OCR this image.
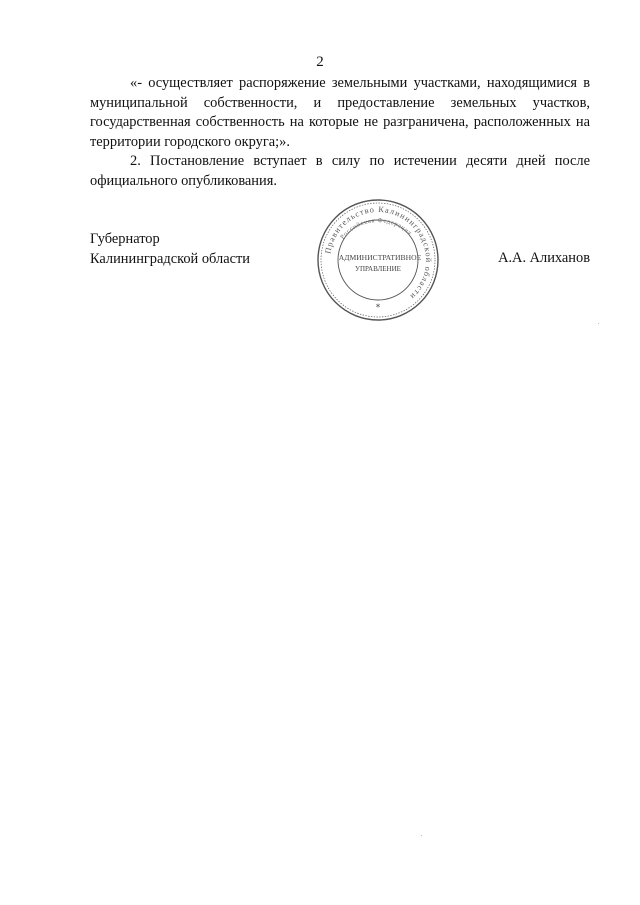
2

«- осуществляет распоряжение земельными участками, находящимися в муниципальной собственности, и предоставление земельных участков, государственная собственность на которые не разграничена, расположенных на территории городского округа;».

2. Постановление вступает в силу по истечении десяти дней после официального опубликования.

Губернатор
Калининградской области
Правительство Калининградской области
Российская Федерация
АДМИНИСТРАТИВНОЕ
УПРАВЛЕНИЕ
*
А.А. Алиханов
